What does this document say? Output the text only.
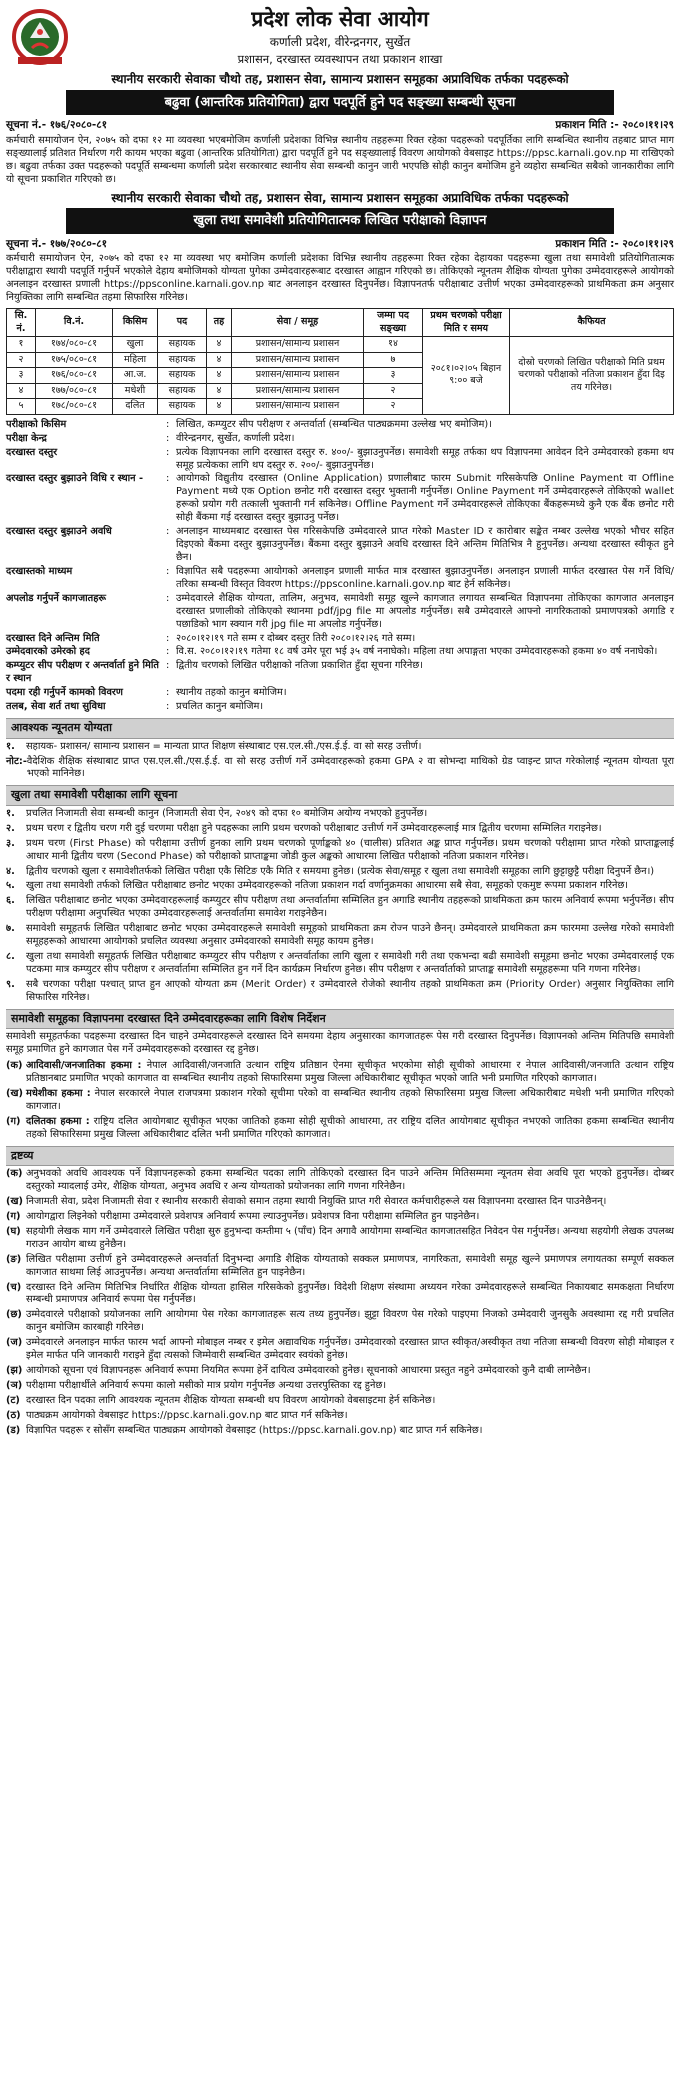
प्रदेश लोक सेवा आयोग
कर्णाली प्रदेश, वीरेन्द्रनगर, सुर्खेत
प्रशासन, दरखास्त व्यवस्थापन तथा प्रकाशन शाखा
स्थानीय सरकारी सेवाका चौथो तह, प्रशासन सेवा, सामान्य प्रशासन समूहका अप्राविधिक तर्फका पदहरूको
बढुवा (आन्तरिक प्रतियोगिता) द्वारा पदपूर्ति हुने पद सङ्ख्या सम्बन्धी सूचना
सूचना नं.- १७६/२०८०-८१	प्रकाशन मिति :- २०८०।११।२९

कर्मचारी समायोजन ऐन, २०७५ को दफा १२ मा व्यवस्था भएबमोजिम कर्णाली प्रदेशका विभिन्न स्थानीय तहहरूमा रिक्त रहेका पदहरूको पदपूर्तिका लागि सम्बन्धित स्थानीय तहबाट प्राप्त माग सङ्ख्यालाई प्रतिशत निर्धारण गरी कायम भएका बढुवा (आन्तरिक प्रतियोगिता) द्वारा पदपूर्ति हुने पद सङ्ख्यालाई विवरण आयोगको वेबसाइट https://ppsc.karnali.gov.np मा राखिएको छ। बढुवा तर्फका उक्त पदहरूको पदपूर्ति सम्बन्धमा कर्णाली प्रदेश सरकारबाट स्थानीय सेवा सम्बन्धी कानुन जारी भएपछि सोही कानुन बमोजिम हुने व्यहोरा सम्बन्धित सबैको जानकारीका लागि यो सूचना प्रकाशित गरिएको छ।

स्थानीय सरकारी सेवाका चौथो तह, प्रशासन सेवा, सामान्य प्रशासन समूहका अप्राविधिक तर्फका पदहरूको
खुला तथा समावेशी प्रतियोगितात्मक लिखित परीक्षाको विज्ञापन
सूचना नं.- १७७/२०८०-८१	प्रकाशन मिति :- २०८०।११।२९

कर्मचारी समायोजन ऐन, २०७५ को दफा १२ मा व्यवस्था भए बमोजिम कर्णाली प्रदेशका विभिन्न स्थानीय तहहरूमा रिक्त रहेका देहायका पदहरूमा खुला तथा समावेशी प्रतियोगितात्मक परीक्षाद्वारा स्थायी पदपूर्ति गर्नुपर्ने भएकोले देहाय बमोजिमको योग्यता पुगेका उम्मेदवारहरूबाट दरखास्त आह्वान गरिएको छ। तोकिएको न्यूनतम शैक्षिक योग्यता पुगेका उम्मेदवारहरूले आयोगको अनलाइन दरखास्त प्रणाली https://ppsconline.karnali.gov.np बाट अनलाइन दरखास्त दिनुपर्नेछ। विज्ञापनतर्फ परीक्षाबाट उत्तीर्ण भएका उम्मेदवारहरूको प्राथमिकता क्रम अनुसार नियुक्तिका लागि सम्बन्धित तहमा सिफारिस गरिनेछ।

सि. नं.	वि.नं.	किसिम	पद	तह	सेवा / समूह	जम्मा पद सङ्ख्या	प्रथम चरणको परीक्षा मिति र समय	कैफियत
१	१७४/०८०-८१	खुला	सहायक	४	प्रशासन/सामान्य प्रशासन	१४	२०८१।०२।०५ बिहान ९:०० बजे	दोस्रो चरणको लिखित परीक्षाको मिति प्रथम चरणको परीक्षाको नतिजा प्रकाशन हुँदा दिइ तय गरिनेछ।
२	१७५/०८०-८१	महिला	सहायक	४	प्रशासन/सामान्य प्रशासन	७		
३	१७६/०८०-८१	आ.ज.	सहायक	४	प्रशासन/सामान्य प्रशासन	३		
४	१७७/०८०-८१	मधेशी	सहायक	४	प्रशासन/सामान्य प्रशासन	२		
५	१७८/०८०-८१	दलित	सहायक	४	प्रशासन/सामान्य प्रशासन	२		
परीक्षाको किसिम	: लिखित, कम्प्युटर सीप परीक्षण र अन्तर्वार्ता (सम्बन्धित पाठ्यक्रममा उल्लेख भए बमोजिम)।
परीक्षा केन्द्र	: वीरेन्द्रनगर, सुर्खेत, कर्णाली प्रदेश।
दरखास्त दस्तुर	: प्रत्येक विज्ञापनका लागि दरखास्त दस्तुर रु. ४००/- बुझाउनुपर्नेछ। समावेशी समूह तर्फका थप विज्ञापनमा आवेदन दिने उम्मेदवारको हकमा थप समूह प्रत्येकका लागि थप दस्तुर रु. २००/- बुझाउनुपर्नेछ।
दरखास्त दस्तुर बुझाउने विधि र स्थान -	: आयोगको विद्युतीय दरखास्त (Online Application) प्रणालीबाट फारम Submit गरिसकेपछि Online Payment वा Offline Payment मध्ये एक Option छनोट गरी दरखास्त दस्तुर भुक्तानी गर्नुपर्नेछ। Online Payment गर्ने उम्मेदवारहरूले तोकिएको wallet हरूको प्रयोग गरी तत्काली भुक्तानी गर्न सकिनेछ। Offline Payment गर्ने उम्मेदवारहरूले तोकिएका बैंकहरूमध्ये कुनै एक बैंक छनोट गरी सोही बैंकमा गई दरखास्त दस्तुर बुझाउनु पर्नेछ।
दरखास्त दस्तुर बुझाउने अवधि	: अनलाइन माध्यमबाट दरखास्त पेस गरिसकेपछि उम्मेदवारले प्राप्त गरेको Master ID र कारोबार सङ्केत नम्बर उल्लेख भएको भौचर सहित दिइएको बैंकमा दस्तुर बुझाउनुपर्नेछ। बैंकमा दस्तुर बुझाउने अवधि दरखास्त दिने अन्तिम मितिभित्र नै हुनुपर्नेछ। अन्यथा दरखास्त स्वीकृत हुने छैन।
दरखास्तको माध्यम	: विज्ञापित सबै पदहरूमा आयोगको अनलाइन प्रणाली मार्फत मात्र दरखास्त बुझाउनुपर्नेछ। अनलाइन प्रणाली मार्फत दरखास्त पेस गर्ने विधि/तरिका सम्बन्धी विस्तृत विवरण https://ppsconline.karnali.gov.np बाट हेर्न सकिनेछ।
अपलोड गर्नुपर्ने कागजातहरू	: उम्मेदवारले शैक्षिक योग्यता, तालिम, अनुभव, समावेशी समूह खुल्ने कागजात लगायत सम्बन्धित विज्ञापनमा तोकिएका कागजात अनलाइन दरखास्त प्रणालीको तोकिएको स्थानमा pdf/jpg file मा अपलोड गर्नुपर्नेछ। सबै उम्मेदवारले आफ्नो नागरिकताको प्रमाणपत्रको अगाडि र पछाडिको भाग स्क्यान गरी jpg file मा अपलोड गर्नुपर्नेछ।
दरखास्त दिने अन्तिम मिति	: २०८०।१२।१९ गते सम्म र दोब्बर दस्तुर तिरी २०८०।१२।२६ गते सम्म।
उम्मेदवारको उमेरको हद	: वि.स. २०८०।१२।१९ गतेमा १८ वर्ष उमेर पूरा भई ३५ वर्ष ननाघेको। महिला तथा अपाङ्गता भएका उम्मेदवारहरूको हकमा ४० वर्ष ननाघेको।
कम्प्युटर सीप परीक्षण र अन्तर्वार्ता हुने मिति र स्थान
: द्वितीय चरणको लिखित परीक्षाको नतिजा प्रकाशित हुँदा सूचना गरिनेछ।
पदमा रही गर्नुपर्ने कामको विवरण	: स्थानीय तहको कानुन बमोजिम।
तलब, सेवा शर्त तथा सुविधा	: प्रचलित कानुन बमोजिम।
आवश्यक न्यूनतम योग्यता
१.	सहायक- प्रशासन/ सामान्य प्रशासन = मान्यता प्राप्त शिक्षण संस्थाबाट एस.एल.सी./एस.ई.ई. वा सो सरह उत्तीर्ण।
नोट:- वैदेशिक शैक्षिक संस्थाबाट प्राप्त एस.एल.सी./एस.ई.ई. वा सो सरह उत्तीर्ण गर्ने उम्मेदवारहरूको हकमा GPA २ वा सोभन्दा माथिको ग्रेड प्वाइन्ट प्राप्त गरेकोलाई न्यूनतम योग्यता पूरा भएको मानिनेछ।
खुला तथा समावेशी परीक्षाका लागि सूचना
१.	प्रचलित निजामती सेवा सम्बन्धी कानुन (निजामती सेवा ऐन, २०४९ को दफा १० बमोजिम अयोग्य नभएको हुनुपर्नेछ।
२.	प्रथम चरण र द्वितीय चरण गरी दुई चरणमा परीक्षा हुने पदहरूका लागि प्रथम चरणको परीक्षाबाट उत्तीर्ण गर्ने उम्मेदवारहरूलाई मात्र द्वितीय चरणमा सम्मिलित गराइनेछ।
३.	प्रथम चरण (First Phase) को परीक्षामा उत्तीर्ण हुनका लागि प्रथम चरणको पूर्णाङ्कको ४० (चालीस) प्रतिशत अङ्क प्राप्त गर्नुपर्नेछ। प्रथम चरणको परीक्षामा प्राप्त गरेको प्राप्ताङ्कलाई आधार मानी द्वितीय चरण (Second Phase) को परीक्षाको प्राप्ताङ्कमा जोडी कुल अङ्कको आधारमा लिखित परीक्षाको नतिजा प्रकाशन गरिनेछ।
४.	द्वितीय चरणको खुला र समावेशीतर्फको लिखित परीक्षा एकै सिटिङ एकै मिति र समयमा हुनेछ। (प्रत्येक सेवा/समूह र खुला तथा समावेशी समूहका लागि छुट्टाछुट्टै परीक्षा दिनुपर्ने छैन।)
५.	खुला तथा समावेशी तर्फको लिखित परीक्षाबाट छनोट भएका उम्मेदवारहरूको नतिजा प्रकाशन गर्दा वर्णानुक्रमका आधारमा सबै सेवा, समूहको एकमुष्ट रूपमा प्रकाशन गरिनेछ।
६.	लिखित परीक्षाबाट छनोट भएका उम्मेदवारहरूलाई कम्प्युटर सीप परीक्षण तथा अन्तर्वार्तामा सम्मिलित हुन अगाडि स्थानीय तहहरूको प्राथमिकता क्रम फारम अनिवार्य रूपमा भर्नुपर्नेछ। सीप परीक्षण परीक्षामा अनुपस्थित भएका उम्मेदवारहरूलाई अन्तर्वार्तामा समावेश गराइनेछैन।
७.	समावेशी समूहतर्फ लिखित परीक्षाबाट छनोट भएका उम्मेदवारहरूले समावेशी समूहको प्राथमिकता क्रम रोज्न पाउने छैनन्। उम्मेदवारले प्राथमिकता क्रम फारममा उल्लेख गरेको समावेशी समूहहरूको आधारमा आयोगको प्रचलित व्यवस्था अनुसार उम्मेदवारको समावेशी समूह कायम हुनेछ।
८.	खुला तथा समावेशी समूहतर्फ लिखित परीक्षाबाट कम्प्युटर सीप परीक्षण र अन्तर्वार्ताका लागि खुला र समावेशी गरी तथा एकभन्दा बढी समावेशी समूहमा छनोट भएका उम्मेदवारलाई एक पटकमा मात्र कम्प्युटर सीप परीक्षण र अन्तर्वार्तामा सम्मिलित हुन गर्ने दिन कार्यक्रम निर्धारण हुनेछ। सीप परीक्षण र अन्तर्वार्ताको प्राप्ताङ्क समावेशी समूहहरूमा पनि गणना गरिनेछ।
९.	सबै चरणका परीक्षा पश्चात् प्राप्त हुन आएको योग्यता क्रम (Merit Order) र उम्मेदवारले रोजेको स्थानीय तहको प्राथमिकता क्रम (Priority Order) अनुसार नियुक्तिका लागि सिफारिस गरिनेछ।
समावेशी समूहका विज्ञापनमा दरखास्त दिने उम्मेदवारहरूका लागि विशेष निर्देशन

समावेशी समूहतर्फका पदहरूमा दरखास्त दिन चाहने उम्मेदवारहरूले दरखास्त दिने समयमा देहाय अनुसारका कागजातहरू पेस गरी दरखास्त दिनुपर्नेछ। विज्ञापनको अन्तिम मितिपछि समावेशी समूह प्रमाणित हुने कागजात पेस गर्ने उम्मेदवारहरूको दरखास्त रद्द हुनेछ।

(क) आदिवासी/जनजातिका हकमा : नेपाल आदिवासी/जनजाति उत्थान राष्ट्रिय प्रतिष्ठान ऐनमा सूचीकृत भएकोमा सोही सूचीको आधारमा र नेपाल आदिवासी/जनजाति उत्थान राष्ट्रिय प्रतिष्ठानबाट प्रमाणित भएको कागजात वा सम्बन्धित स्थानीय तहको सिफारिसमा प्रमुख जिल्ला अधिकारीबाट सूचीकृत भएको जाति भनी प्रमाणित गरिएको कागजात।
(ख) मधेशीका हकमा : नेपाल सरकारले नेपाल राजपत्रमा प्रकाशन गरेको सूचीमा परेको वा सम्बन्धित स्थानीय तहको सिफारिसमा प्रमुख जिल्ला अधिकारीबाट मधेशी भनी प्रमाणित गरिएको कागजात।
(ग) दलितका हकमा : राष्ट्रिय दलित आयोगबाट सूचीकृत भएका जातिको हकमा सोही सूचीको आधारमा, तर राष्ट्रिय दलित आयोगबाट सूचीकृत नभएको जातिका हकमा सम्बन्धित स्थानीय तहको सिफारिसमा प्रमुख जिल्ला अधिकारीबाट दलित भनी प्रमाणित गरिएको कागजात।
द्रष्टव्य
(क) अनुभवको अवधि आवश्यक पर्ने विज्ञापनहरूको हकमा सम्बन्धित पदका लागि तोकिएको दरखास्त दिन पाउने अन्तिम मितिसम्ममा न्यूनतम सेवा अवधि पूरा भएको हुनुपर्नेछ। दोब्बर दस्तुरको म्यादलाई उमेर, शैक्षिक योग्यता, अनुभव अवधि र अन्य योग्यताको प्रयोजनका लागि गणना गरिनेछैन।
(ख) निजामती सेवा, प्रदेश निजामती सेवा र स्थानीय सरकारी सेवाको समान तहमा स्थायी नियुक्ति प्राप्त गरी सेवारत कर्मचारीहरूले यस विज्ञापनमा दरखास्त दिन पाउनेछैनन्।
(ग) आयोगद्वारा लिइनेको परीक्षामा उम्मेदवारले प्रवेशपत्र अनिवार्य रूपमा ल्याउनुपर्नेछ। प्रवेशपत्र विना परीक्षामा सम्मिलित हुन पाइनेछैन।
(घ) सहयोगी लेखक माग गर्ने उम्मेदवारले लिखित परीक्षा सुरु हुनुभन्दा कम्तीमा ५ (पाँच) दिन अगावै आयोगमा सम्बन्धित कागजातसहित निवेदन पेस गर्नुपर्नेछ। अन्यथा सहयोगी लेखक उपलब्ध गराउन आयोग बाध्य हुनेछैन।
(ङ) लिखित परीक्षामा उत्तीर्ण हुने उम्मेदवारहरूले अन्तर्वार्ता दिनुभन्दा अगाडि शैक्षिक योग्यताको सक्कल प्रमाणपत्र, नागरिकता, समावेशी समूह खुल्ने प्रमाणपत्र लगायतका सम्पूर्ण सक्कल कागजात साथमा लिई आउनुपर्नेछ। अन्यथा अन्तर्वार्तामा सम्मिलित हुन पाइनेछैन।
(च) दरखास्त दिने अन्तिम मितिभित्र निर्धारित शैक्षिक योग्यता हासिल गरिसकेको हुनुपर्नेछ। विदेशी शिक्षण संस्थामा अध्ययन गरेका उम्मेदवारहरूले सम्बन्धित निकायबाट समकक्षता निर्धारण सम्बन्धी प्रमाणपत्र अनिवार्य रूपमा पेस गर्नुपर्नेछ।
(छ) उम्मेदवारले परीक्षाको प्रयोजनका लागि आयोगमा पेस गरेका कागजातहरू सत्य तथ्य हुनुपर्नेछ। झुट्टा विवरण पेस गरेको पाइएमा निजको उम्मेदवारी जुनसुकै अवस्थामा रद्द गरी प्रचलित कानुन बमोजिम कारबाही गरिनेछ।
(ज) उम्मेदवारले अनलाइन मार्फत फारम भर्दा आफ्नो मोबाइल नम्बर र इमेल अद्यावधिक गर्नुपर्नेछ। उम्मेदवारको दरखास्त प्राप्त स्वीकृत/अस्वीकृत तथा नतिजा सम्बन्धी विवरण सोही मोबाइल र इमेल मार्फत पनि जानकारी गराइने हुँदा त्यसको जिम्मेवारी सम्बन्धित उम्मेदवार स्वयंको हुनेछ।
(झ) आयोगको सूचना एवं विज्ञापनहरू अनिवार्य रूपमा नियमित रूपमा हेर्ने दायित्व उम्मेदवारको हुनेछ। सूचनाको आधारमा प्रस्तुत नहुने उम्मेदवारको कुनै दाबी लाग्नेछैन।
(ञ) परीक्षामा परीक्षार्थीले अनिवार्य रूपमा कालो मसीको मात्र प्रयोग गर्नुपर्नेछ अन्यथा उत्तरपुस्तिका रद्द हुनेछ।
(ट) दरखास्त दिन पदका लागि आवश्यक न्यूनतम शैक्षिक योग्यता सम्बन्धी थप विवरण आयोगको वेबसाइटमा हेर्न सकिनेछ।
(ठ) पाठ्यक्रम आयोगको वेबसाइट https://ppsc.karnali.gov.np बाट प्राप्त गर्न सकिनेछ।
(ड) विज्ञापित पदहरू र सोसँग सम्बन्धित पाठ्यक्रम आयोगको वेबसाइट (https://ppsc.karnali.gov.np) बाट प्राप्त गर्न सकिनेछ।
